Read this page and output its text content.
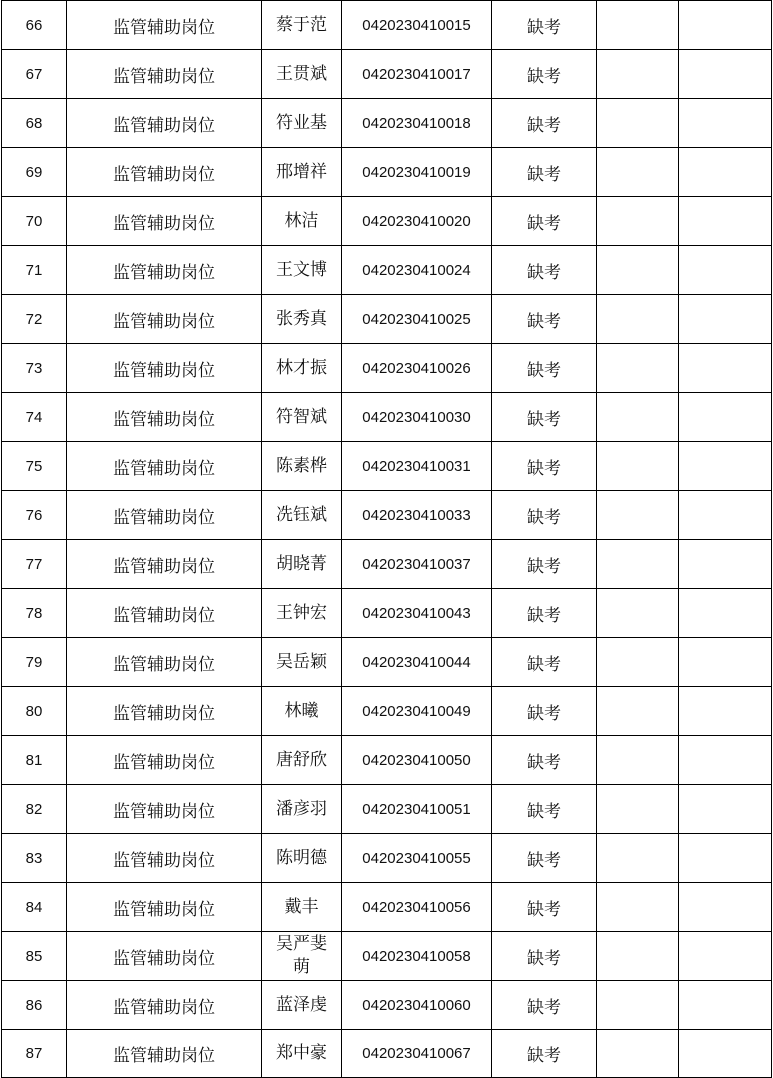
66	监管辅助岗位	蔡于范	0420230410015	缺考		
67	监管辅助岗位	王贯斌	0420230410017	缺考		
68	监管辅助岗位	符业基	0420230410018	缺考		
69	监管辅助岗位	邢增祥	0420230410019	缺考		
70	监管辅助岗位	林洁	0420230410020	缺考		
71	监管辅助岗位	王文博	0420230410024	缺考		
72	监管辅助岗位	张秀真	0420230410025	缺考		
73	监管辅助岗位	林才振	0420230410026	缺考		
74	监管辅助岗位	符智斌	0420230410030	缺考		
75	监管辅助岗位	陈素桦	0420230410031	缺考		
76	监管辅助岗位	冼钰斌	0420230410033	缺考		
77	监管辅助岗位	胡晓菁	0420230410037	缺考		
78	监管辅助岗位	王钟宏	0420230410043	缺考		
79	监管辅助岗位	吴岳颖	0420230410044	缺考		
80	监管辅助岗位	林曦	0420230410049	缺考		
81	监管辅助岗位	唐舒欣	0420230410050	缺考		
82	监管辅助岗位	潘彦羽	0420230410051	缺考		
83	监管辅助岗位	陈明德	0420230410055	缺考		
84	监管辅助岗位	戴丰	0420230410056	缺考		
85	监管辅助岗位	吴严斐萌	0420230410058	缺考		
86	监管辅助岗位	蓝泽虔	0420230410060	缺考		
87	监管辅助岗位	郑中豪	0420230410067	缺考		
